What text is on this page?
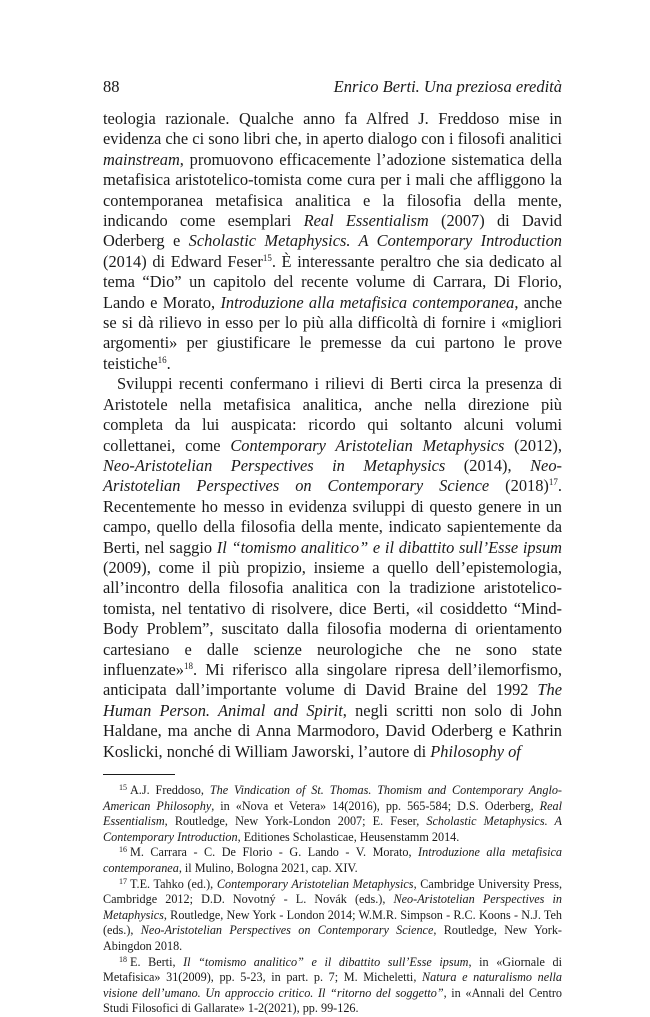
88	Enrico Berti. Una preziosa eredità

teologia razionale. Qualche anno fa Alfred J. Freddoso mise in evidenza che ci sono libri che, in aperto dialogo con i filosofi analitici mainstream, promuovono efficacemente l’adozione sistematica della metafisica aristotelico-tomista come cura per i mali che affliggono la contemporanea metafisica analitica e la filosofia della mente, indicando come esemplari Real Essentialism (2007) di David Oderberg e Scholastic Metaphysics. A Contemporary Introduction (2014) di Edward Feser$^{15}$. È interessante peraltro che sia dedicato al tema “Dio” un capitolo del recente volume di Carrara, Di Florio, Lando e Morato, Introduzione alla metafisica contemporanea, anche se si dà rilievo in esso per lo più alla difficoltà di fornire i «migliori argomenti» per giustificare le premesse da cui partono le prove teistiche$^{16}$.

Sviluppi recenti confermano i rilievi di Berti circa la presenza di Aristotele nella metafisica analitica, anche nella direzione più completa da lui auspicata: ricordo qui soltanto alcuni volumi collettanei, come Contemporary Aristotelian Metaphysics (2012), Neo-Aristotelian Perspectives in Metaphysics (2014), Neo-Aristotelian Perspectives on Contemporary Science $(2018)^{17}$. Recentemente ho messo in evidenza sviluppi di questo genere in un campo, quello della filosofia della mente, indicato sapientemente da Berti, nel saggio Il “tomismo analitico” e il dibattito sull’Esse ipsum (2009), come il più propizio, insieme a quello dell’epistemologia, all’incontro della filosofia analitica con la tradizione aristotelico-tomista, nel tentativo di risolvere, dice Berti, «il cosiddetto “Mind-Body Problem”, suscitato dalla filosofia moderna di orientamento cartesiano e dalle scienze neurologiche che ne sono state influenzate»$^{18}$. Mi riferisco alla singolare ripresa dell’ilemorfismo, anticipata dall’importante volume di David Braine del 1992 The Human Person. Animal and Spirit, negli scritti non solo di John Haldane, ma anche di Anna Marmodoro, David Oderberg e Kathrin Koslicki, nonché di William Jaworski, l’autore di Philosophy of

$^{15}$ A.J. Freddoso, The Vindication of St. Thomas. Thomism and Contemporary Anglo-American Philosophy, in «Nova et Vetera» 14(2016), pp. 565-584; D.S. Oderberg, Real Essentialism, Routledge, New York-London 2007; E. Feser, Scholastic Metaphysics. A Contemporary Introduction, Editiones Scholasticae, Heusenstamm 2014.

$^{16}$ M. Carrara - C. De Florio - G. Lando - V. Morato, Introduzione alla metafisica contemporanea, il Mulino, Bologna 2021, cap. XIV.

$^{17}$ T.E. Tahko (ed.), Contemporary Aristotelian Metaphysics, Cambridge University Press, Cambridge 2012; D.D. Novotný - L. Novák (eds.), Neo-Aristotelian Perspectives in Metaphysics, Routledge, New York - London 2014; W.M.R. Simpson - R.C. Koons - N.J. Teh (eds.), Neo-Aristotelian Perspectives on Contemporary Science, Routledge, New York-Abingdon 2018.

$^{18}$ E. Berti, Il “tomismo analitico” e il dibattito sull’Esse ipsum, in «Giornale di Metafisica» 31(2009), pp. 5-23, in part. p. 7; M. Micheletti, Natura e naturalismo nella visione dell’umano. Un approccio critico. Il “ritorno del soggetto”, in «Annali del Centro Studi Filosofici di Gallarate» 1-2(2021), pp. 99-126.
